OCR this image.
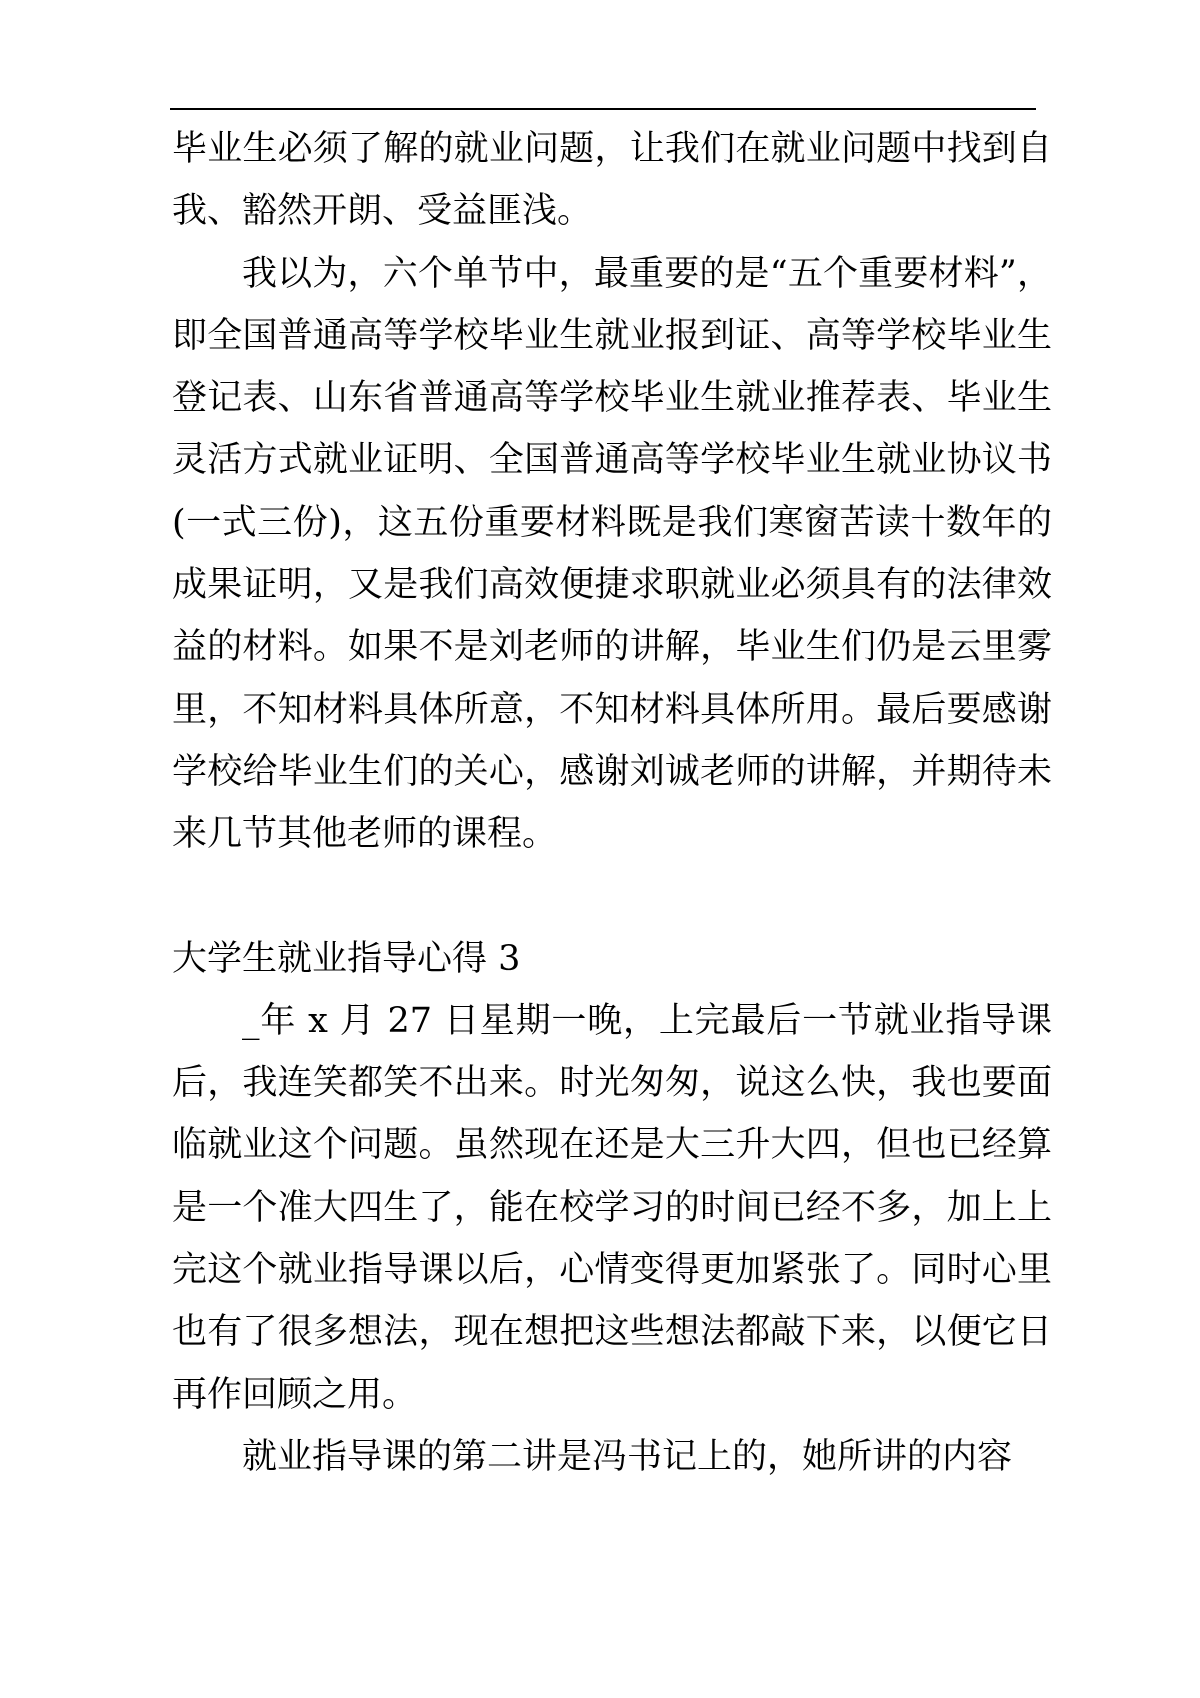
毕业生必须了解的就业问题，让我们在就业问题中找到自我、豁然开朗、受益匪浅。

我以为，六个单节中，最重要的是“五个重要材料”，即全国普通高等学校毕业生就业报到证、高等学校毕业生登记表、山东省普通高等学校毕业生就业推荐表、毕业生灵活方式就业证明、全国普通高等学校毕业生就业协议书(一式三份)，这五份重要材料既是我们寒窗苦读十数年的成果证明，又是我们高效便捷求职就业必须具有的法律效益的材料。如果不是刘老师的讲解，毕业生们仍是云里雾里，不知材料具体所意，不知材料具体所用。最后要感谢学校给毕业生们的关心，感谢刘诚老师的讲解，并期待未来几节其他老师的课程。

大学生就业指导心得 3

_年 x 月 27 日星期一晚，上完最后一节就业指导课后，我连笑都笑不出来。时光匆匆，说这么快，我也要面临就业这个问题。虽然现在还是大三升大四，但也已经算是一个准大四生了，能在校学习的时间已经不多，加上上完这个就业指导课以后，心情变得更加紧张了。同时心里也有了很多想法，现在想把这些想法都敲下来，以便它日再作回顾之用。

就业指导课的第二讲是冯书记上的，她所讲的内容
